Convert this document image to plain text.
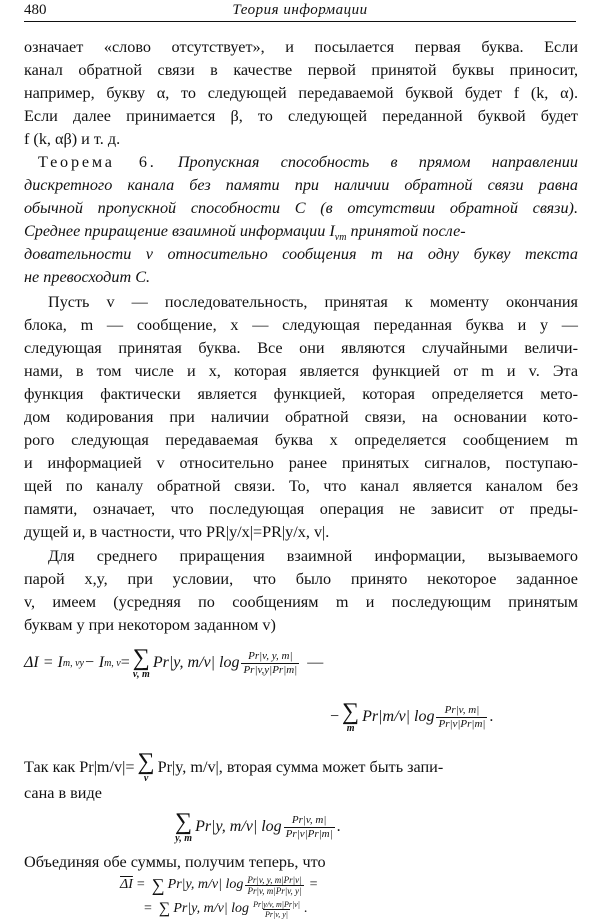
480	Теория информации
означает «слово отсутствует», и посылается первая буква. Если
канал обратной связи в качестве первой принятой буквы приносит,
например, букву α, то следующей передаваемой буквой будет f (k, α).
Если далее принимается β, то следующей переданной буквой будет
f (k, αβ) и т. д.
Теорема 6. Пропускная способность в прямом направлении
дискретного канала без памяти при наличии обратной связи равна
обычной пропускной способности C (в отсутствии обратной связи).
Среднее приращение взаимной информации $I_{vm}$ принятой после-
довательности v относительно сообщения m на одну букву текста
не превосходит C.
Пусть v — последовательность, принятая к моменту окончания
блока, m — сообщение, x — следующая переданная буква и y —
следующая принятая буква. Все они являются случайными величи-
нами, в том числе и x, которая является функцией от m и v. Эта
функция фактически является функцией, которая определяется мето-
дом кодирования при наличии обратной связи, на основании кото-
рого следующая передаваемая буква x определяется сообщением m
и информацией v относительно ранее принятых сигналов, поступаю-
щей по каналу обратной связи. То, что канал является каналом без
памяти, означает, что последующая операция не зависит от преды-
дущей и, в частности, что PR|y/x|=PR|y/x, v|.
Для среднего приращения взаимной информации, вызываемого
парой x,y, при условии, что было принято некоторое заданное
v, имеем (усредняя по сообщениям m и последующим принятым
буквам y при некотором заданном v)
ΔI = I m, vy − I m, v = ∑
v, m
Pr|y, m/v| $\log \frac{Pr|v, y, m|}{Pr|v,y|Pr|m|}$ —
− ∑
m
Pr|m/v| $\log \frac{Pr|v, m|}{Pr|v|Pr|m|}$ .
Так как Pr|m/v|= ∑
v
Pr|y, m/v|, вторая сумма может быть запи-
сана в виде
∑
y, m
Pr|y, m/v| $\log \frac{Pr|v, m|}{Pr|v|Pr|m|}$ .
Объединяя обе суммы, получим теперь, что
$\overline{\Delta I}$ = ∑ Pr|y, m/v| $\log \frac{Pr|v, y, m|Pr|v|}{Pr|v, m|Pr|v, y|}$ =
= ∑ Pr|y, m/v| $\log \frac{Pr|y/v, m|Pr|v|}{Pr|v, y|}$ .
